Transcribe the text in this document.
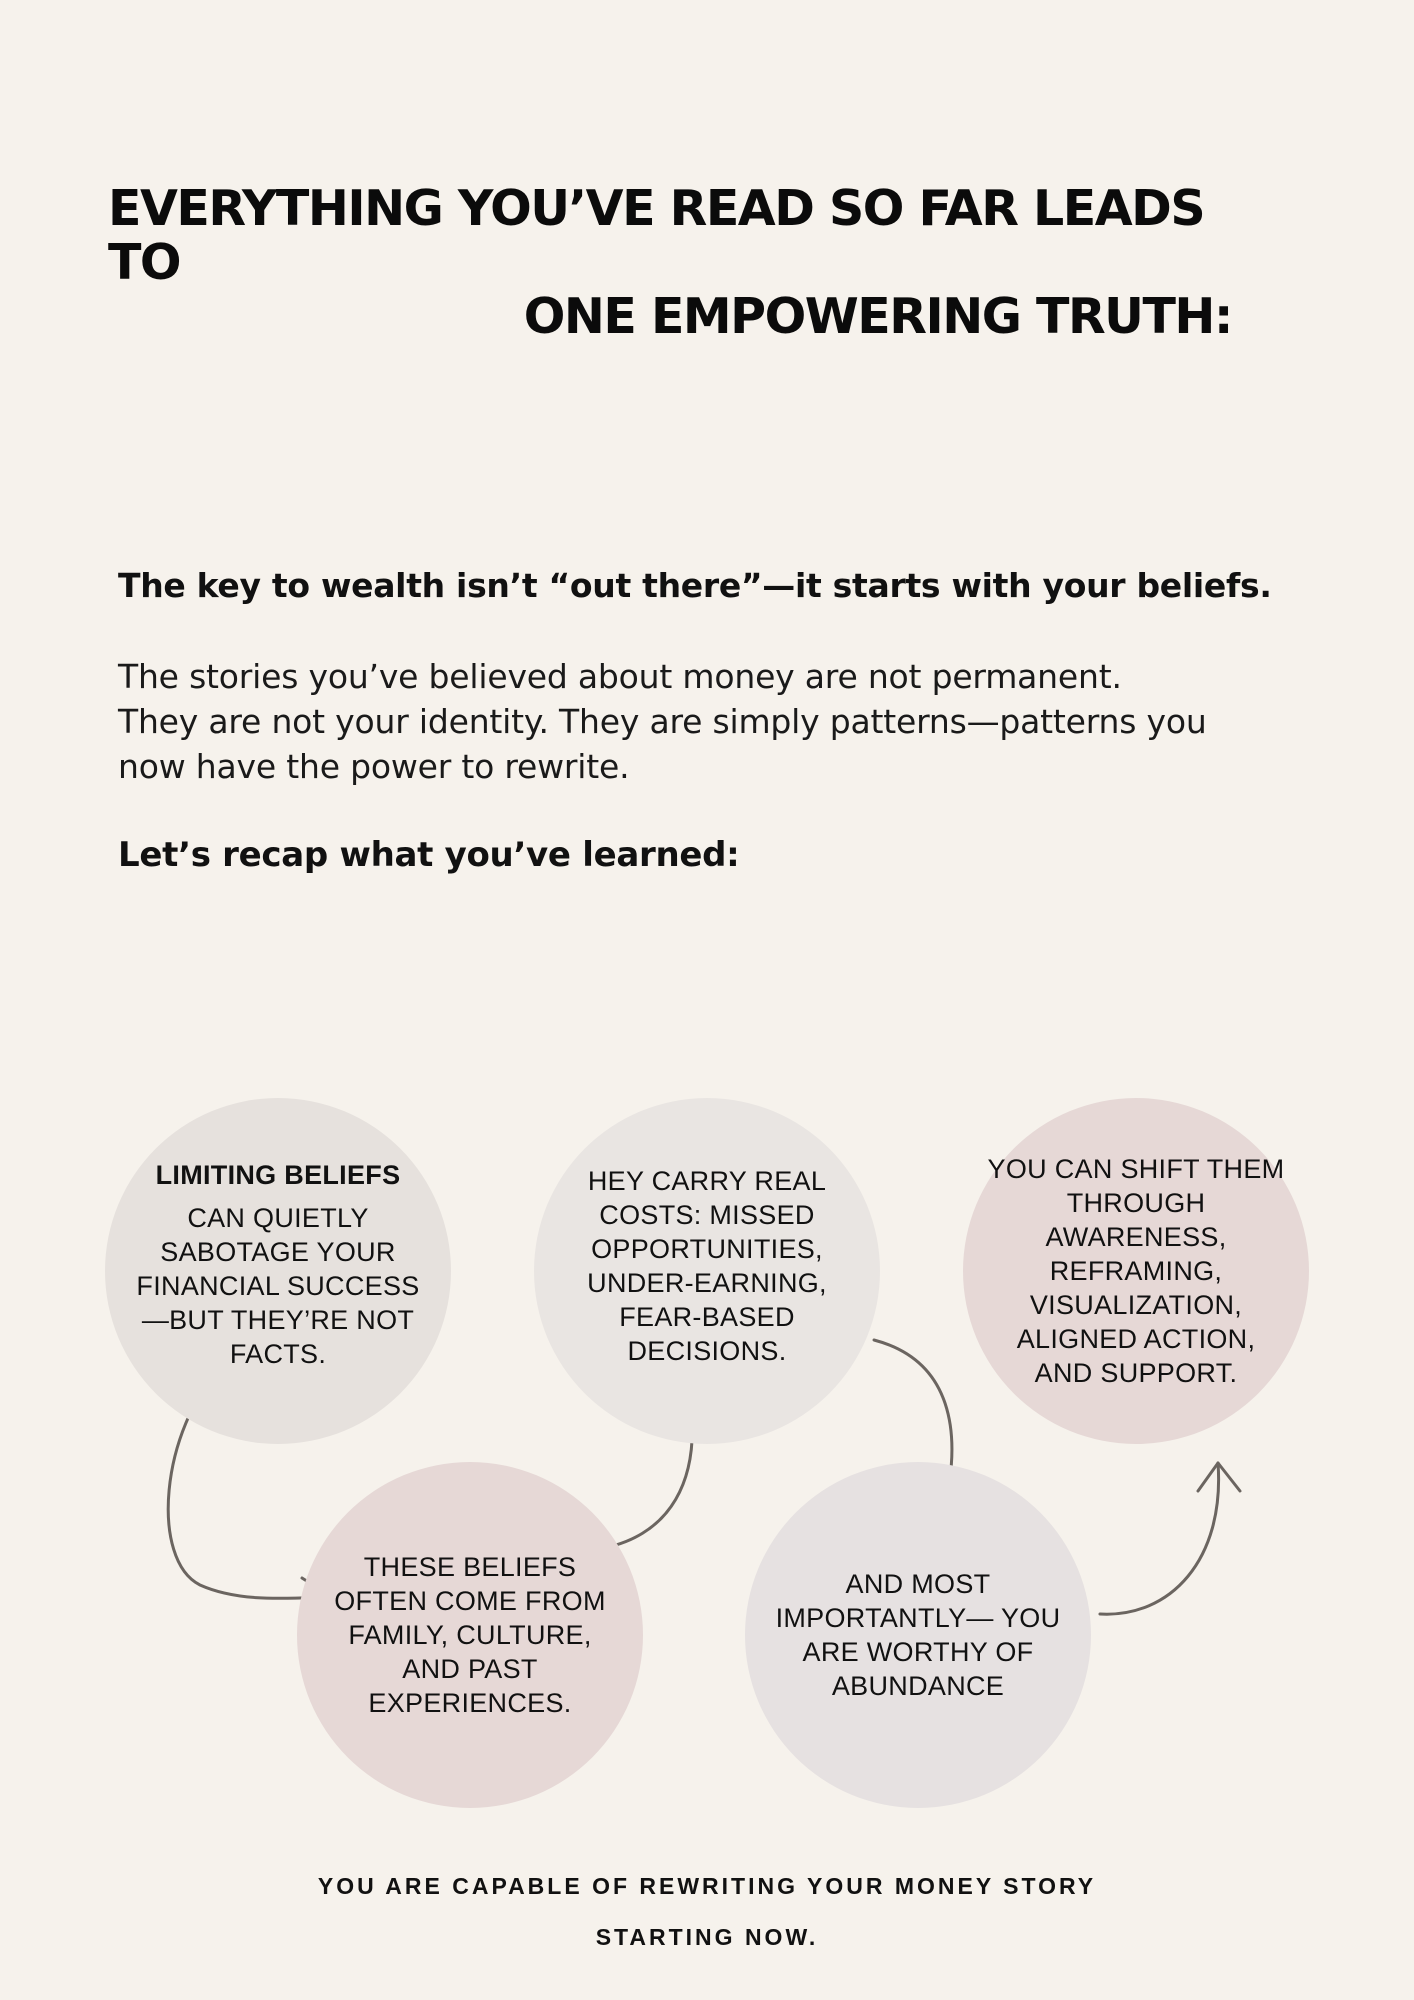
EVERYTHING YOU’VE READ SO FAR LEADS TO
ONE EMPOWERING TRUTH:
The key to wealth isn’t “out there”—it starts with your beliefs.
The stories you’ve believed about money are not permanent.
They are not your identity. They are simply patterns—patterns you
now have the power to rewrite.
Let’s recap what you’ve learned:
LIMITING BELIEFS
CAN QUIETLY SABOTAGE YOUR FINANCIAL SUCCESS—BUT THEY’RE NOT FACTS.
HEY CARRY REAL COSTS: MISSED OPPORTUNITIES, UNDER-EARNING, FEAR-BASED DECISIONS.
YOU CAN SHIFT THEM THROUGH AWARENESS, REFRAMING, VISUALIZATION, ALIGNED ACTION, AND SUPPORT.
THESE BELIEFS OFTEN COME FROM FAMILY, CULTURE, AND PAST EXPERIENCES.
AND MOST IMPORTANTLY— YOU ARE WORTHY OF ABUNDANCE
YOU ARE CAPABLE OF REWRITING YOUR MONEY STORY
STARTING NOW.
